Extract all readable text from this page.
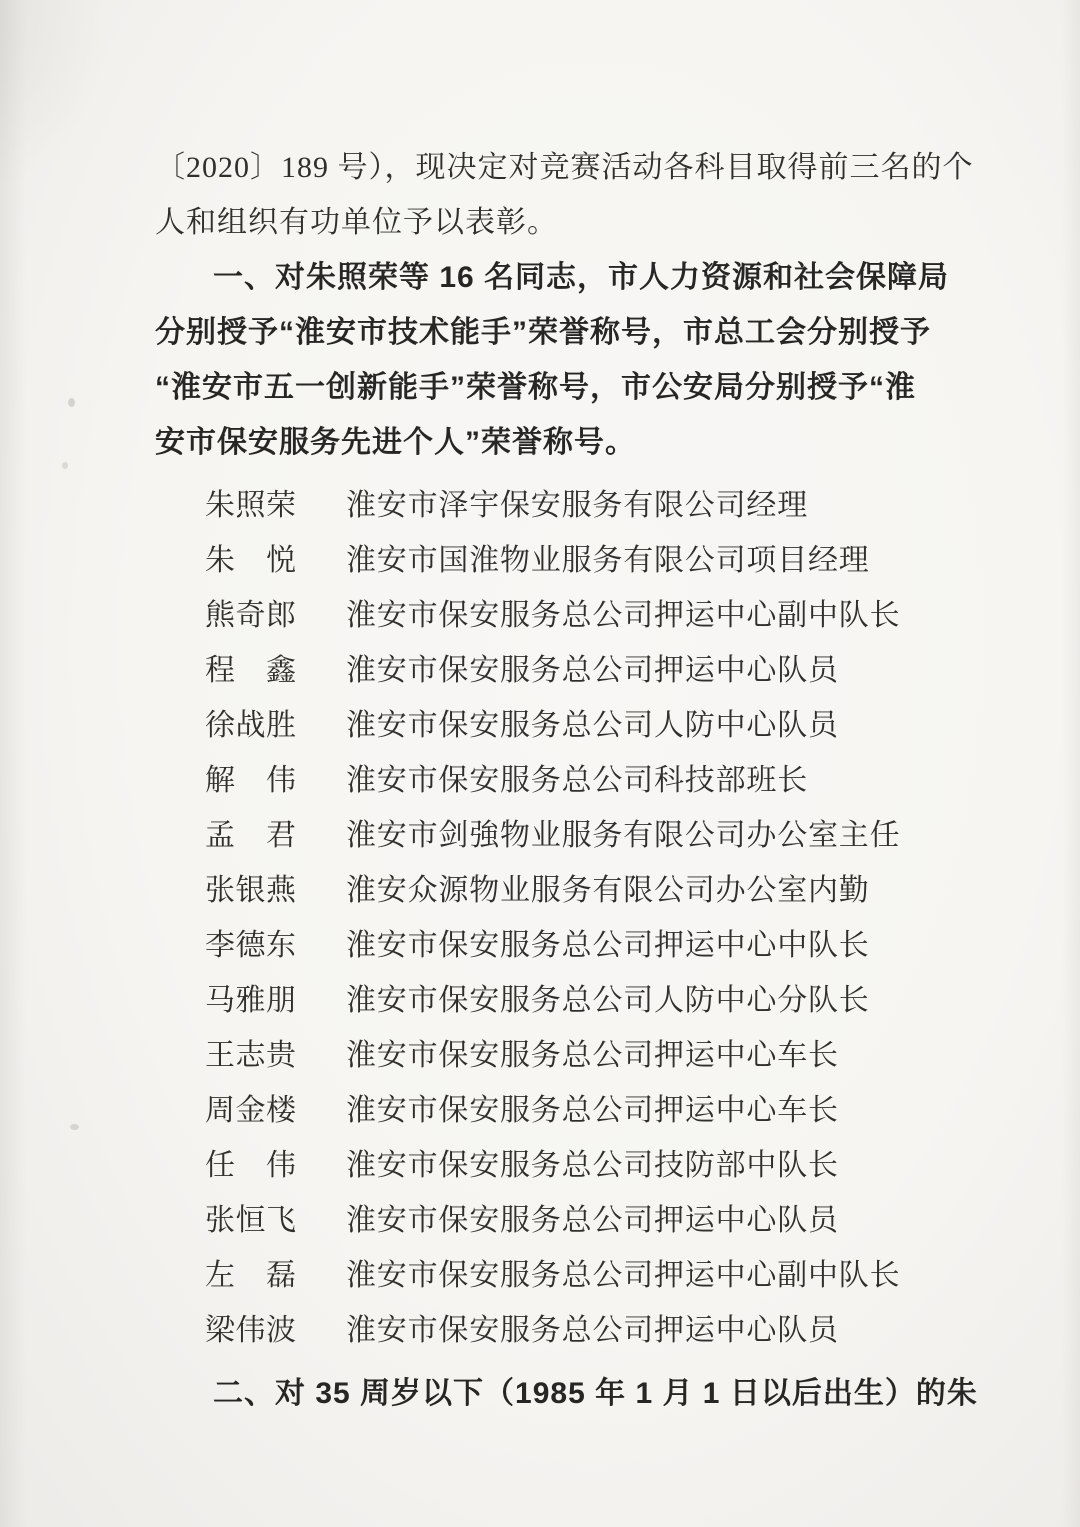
〔2020〕189 号），现决定对竞赛活动各科目取得前三名的个
人和组织有功单位予以表彰。
一、对朱照荣等 16 名同志，市人力资源和社会保障局
分别授予“淮安市技术能手”荣誉称号，市总工会分别授予
“淮安市五一创新能手”荣誉称号，市公安局分别授予“淮
安市保安服务先进个人”荣誉称号。
朱照荣 淮安市泽宇保安服务有限公司经理
朱　悦 淮安市国淮物业服务有限公司项目经理
熊奇郎 淮安市保安服务总公司押运中心副中队长
程　鑫 淮安市保安服务总公司押运中心队员
徐战胜 淮安市保安服务总公司人防中心队员
解　伟 淮安市保安服务总公司科技部班长
孟　君 淮安市剑強物业服务有限公司办公室主任
张银燕 淮安众源物业服务有限公司办公室内勤
李德东 淮安市保安服务总公司押运中心中队长
马雅朋 淮安市保安服务总公司人防中心分队长
王志贵 淮安市保安服务总公司押运中心车长
周金楼 淮安市保安服务总公司押运中心车长
任　伟 淮安市保安服务总公司技防部中队长
张恒飞 淮安市保安服务总公司押运中心队员
左　磊 淮安市保安服务总公司押运中心副中队长
梁伟波 淮安市保安服务总公司押运中心队员
二、对 35 周岁以下（1985 年 1 月 1 日以后出生）的朱
